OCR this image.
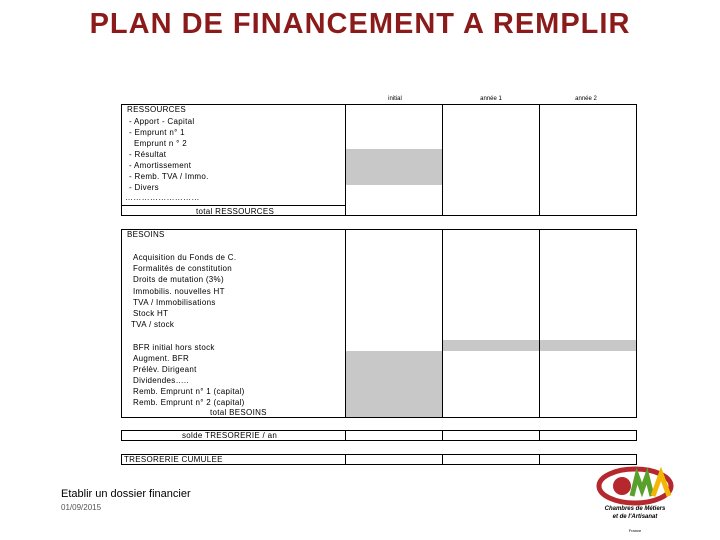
PLAN DE FINANCEMENT A REMPLIR
initial	année 1	année 2
RESSOURCES
- Apport - Capital
- Emprunt n° 1
Emprunt n ° 2
- Résultat
- Amortissement
- Remb. TVA / Immo.
- Divers
………………………
total RESSOURCES
BESOINS
Acquisition du Fonds de C.
Formalités de constitution
Droits de mutation (3%)
Immobilis. nouvelles HT
TVA / Immobilisations
Stock HT
TVA / stock
BFR initial hors stock
Augment. BFR
Prélèv. Dirigeant
Dividendes…..
Remb. Emprunt n° 1 (capital)
Remb. Emprunt n° 2 (capital)
total BESOINS
solde TRESORERIE / an
TRESORERIE CUMULEE
Etablir un dossier financier
01/09/2015	Chambres de Métiers
et de l'Artisanat
France
